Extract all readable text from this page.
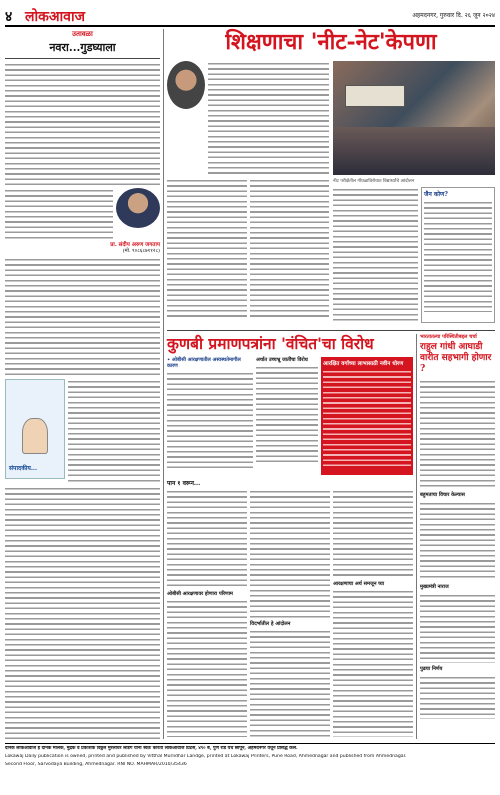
४ लोकआवाज	अहमदनगर, गुरुवार दि. २६ जून २०२४
उतावळा
नवरा...गुडघ्याला
प्रा. संदीप अरुण जगताप
(मो. ९०८६८७११२८)
संपादकीय...
शिक्षणाचा 'नीट-नेट'केपणा
नीट परीक्षेतील गोंधळाविरोधात विद्यार्थ्यांचे आंदोलन
जैन कोण?
कुणबी प्रमाणपत्रांना 'वंचित'चा विरोध
• ओबीसी आरक्षणातील अस्वस्थतेमागील कारण
अर्थात उच्चभ्रू जातींचा विरोध
आरक्षित वर्गाच्या लाभासाठी नवीन धोरण
पान १ वरून...
ओबीसी आरक्षणावर होणारा परिणाम
विदर्भातील हे आंदोलन
आरक्षणाचा अर्थ समजून घ्या
भारतातल्या परिस्थितीबद्दल चर्चा
राहुल गांधी आघाडी वारीत सहभागी होणार ?
बहुमताचा विचार केल्यास
मुख्यमंत्री नाराज
पुढचा निर्णय
दैनिक लोकआवाज हे दैनिक मालक, मुद्रक व प्रकाशक विठ्ठल मुरलीधर लांडगे यांनी स्वतः करिता लोकआवाज प्रिंटर्स, ४९० ब, पुणे रोड येथे छापून, अहमदनगर येथून प्रसिद्ध केले.
Lokawaj Daily publication is owned, printed and published by Vitthal Murlidhar Landge, printed at Lokawaj Printers, Pune Road, Ahmednagar and published from Ahmednagar.
Second Floor, Sarvodaya Building, Ahmednagar. RNI NO. MAHMAR/2010/35436
